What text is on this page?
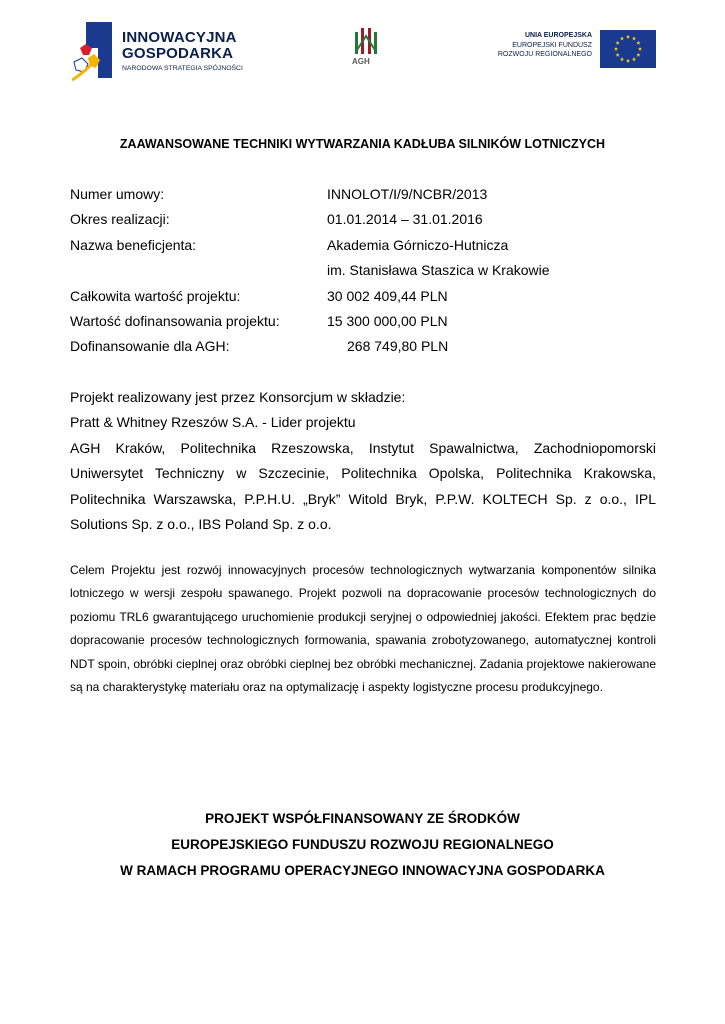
INNOWACYJNA
GOSPODARKA
NARODOWA STRATEGIA SPÓJNOŚCI
AGH
UNIA EUROPEJSKA
EUROPEJSKI FUNDUSZ
ROZWOJU REGIONALNEGO
ZAAWANSOWANE TECHNIKI WYTWARZANIA KADŁUBA SILNIKÓW LOTNICZYCH
Numer umowy:	INNOLOT/I/9/NCBR/2013
Okres realizacji:	01.01.2014 – 31.01.2016
Nazwa beneficjenta:	Akademia Górniczo-Hutnicza
im. Stanisława Staszica w Krakowie
Całkowita wartość projektu:	30 002 409,44 PLN
Wartość dofinansowania projektu:	15 300 000,00 PLN
Dofinansowanie dla AGH:	268 749,80 PLN

Projekt realizowany jest przez Konsorcjum w składzie:

Pratt & Whitney Rzeszów S.A. - Lider projektu

AGH Kraków, Politechnika Rzeszowska, Instytut Spawalnictwa, Zachodniopomorski Uniwersytet Techniczny w Szczecinie, Politechnika Opolska, Politechnika Krakowska, Politechnika Warszawska, P.P.H.U. „Bryk” Witold Bryk, P.P.W. KOLTECH Sp. z o.o., IPL Solutions Sp. z o.o., IBS Poland Sp. z o.o.

Celem Projektu jest rozwój innowacyjnych procesów technologicznych wytwarzania komponentów silnika lotniczego w wersji zespołu spawanego. Projekt pozwoli na dopracowanie procesów technologicznych do poziomu TRL6 gwarantującego uruchomienie produkcji seryjnej o odpowiedniej jakości. Efektem prac będzie dopracowanie procesów technologicznych formowania, spawania zrobotyzowanego, automatycznej kontroli NDT spoin, obróbki cieplnej oraz obróbki cieplnej bez obróbki mechanicznej. Zadania projektowe nakierowane są na charakterystykę materiału oraz na optymalizację i aspekty logistyczne procesu produkcyjnego.
PROJEKT WSPÓŁFINANSOWANY ZE ŚRODKÓW
EUROPEJSKIEGO FUNDUSZU ROZWOJU REGIONALNEGO
W RAMACH PROGRAMU OPERACYJNEGO INNOWACYJNA GOSPODARKA
